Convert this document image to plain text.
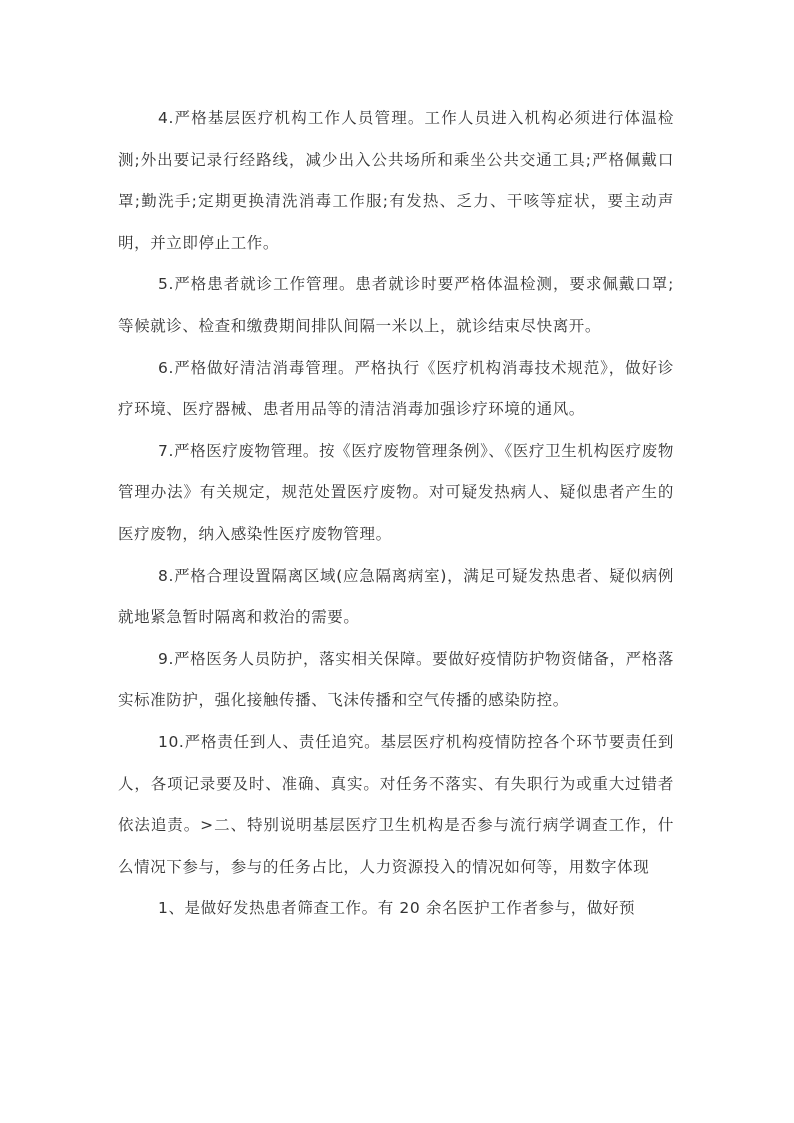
4.严格基层医疗机构工作人员管理。工作人员进入机构必须进行体温检测;外出要记录行经路线，减少出入公共场所和乘坐公共交通工具;严格佩戴口罩;勤洗手;定期更换清洗消毒工作服;有发热、乏力、干咳等症状，要主动声明，并立即停止工作。

5.严格患者就诊工作管理。患者就诊时要严格体温检测，要求佩戴口罩;等候就诊、检查和缴费期间排队间隔一米以上，就诊结束尽快离开。

6.严格做好清洁消毒管理。严格执行《医疗机构消毒技术规范》，做好诊疗环境、医疗器械、患者用品等的清洁消毒加强诊疗环境的通风。

7.严格医疗废物管理。按《医疗废物管理条例》、《医疗卫生机构医疗废物管理办法》有关规定，规范处置医疗废物。对可疑发热病人、疑似患者产生的医疗废物，纳入感染性医疗废物管理。

8.严格合理设置隔离区域(应急隔离病室)，满足可疑发热患者、疑似病例就地紧急暂时隔离和救治的需要。

9.严格医务人员防护，落实相关保障。要做好疫情防护物资储备，严格落实标准防护，强化接触传播、飞沫传播和空气传播的感染防控。

10.严格责任到人、责任追究。基层医疗机构疫情防控各个环节要责任到人，各项记录要及时、准确、真实。对任务不落实、有失职行为或重大过错者依法追责。>二、特别说明基层医疗卫生机构是否参与流行病学调查工作，什么情况下参与，参与的任务占比，人力资源投入的情况如何等，用数字体现

1、是做好发热患者筛查工作。有 20 余名医护工作者参与，做好预
